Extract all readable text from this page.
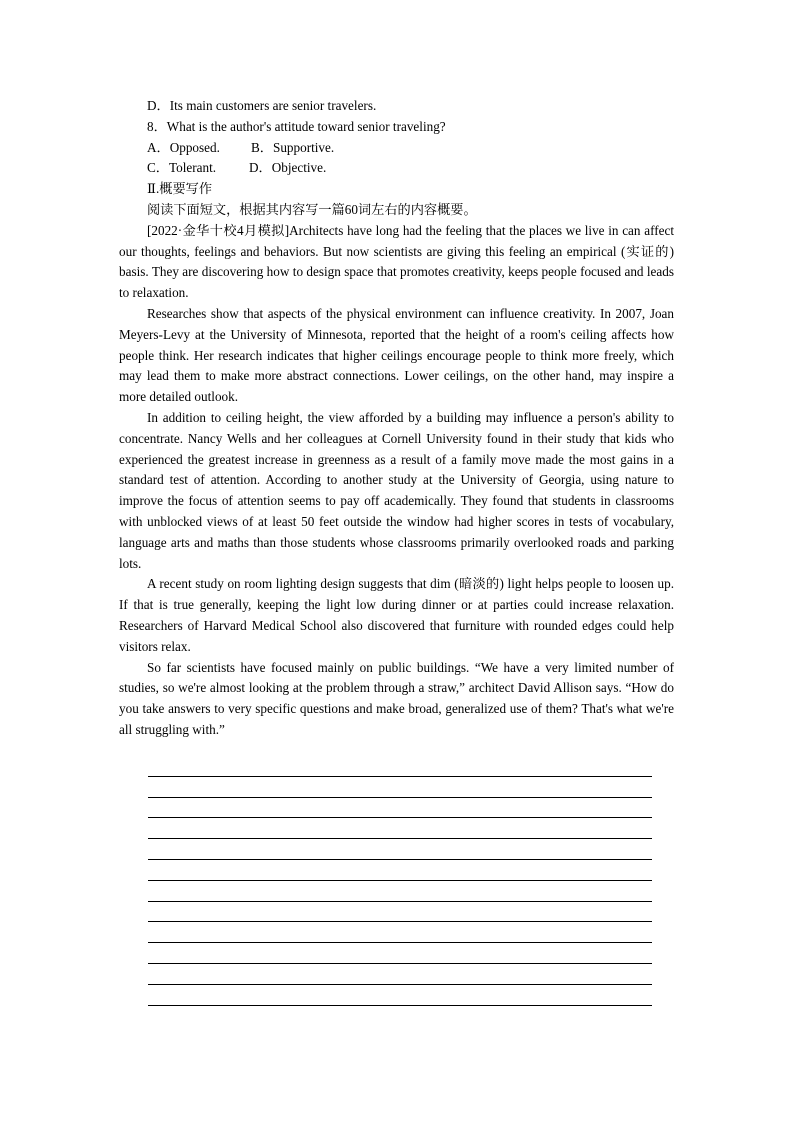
D．Its main customers are senior travelers.

8．What is the author's attitude toward senior traveling?

A．Opposed. B．Supportive.

C．Tolerant. D．Objective.

Ⅱ.概要写作

阅读下面短文，根据其内容写一篇60词左右的内容概要。

[2022·金华十校4月模拟]Architects have long had the feeling that the places we live in can affect our thoughts, feelings and behaviors. But now scientists are giving this feeling an empirical (实证的) basis. They are discovering how to design space that promotes creativity, keeps people focused and leads to relaxation.

Researches show that aspects of the physical environment can influence creativity. In 2007, Joan Meyers-Levy at the University of Minnesota, reported that the height of a room's ceiling affects how people think. Her research indicates that higher ceilings encourage people to think more freely, which may lead them to make more abstract connections. Lower ceilings, on the other hand, may inspire a more detailed outlook.

In addition to ceiling height, the view afforded by a building may influence a person's ability to concentrate. Nancy Wells and her colleagues at Cornell University found in their study that kids who experienced the greatest increase in greenness as a result of a family move made the most gains in a standard test of attention. According to another study at the University of Georgia, using nature to improve the focus of attention seems to pay off academically. They found that students in classrooms with unblocked views of at least 50 feet outside the window had higher scores in tests of vocabulary, language arts and maths than those students whose classrooms primarily overlooked roads and parking lots.

A recent study on room lighting design suggests that dim (暗淡的) light helps people to loosen up. If that is true generally, keeping the light low during dinner or at parties could increase relaxation. Researchers of Harvard Medical School also discovered that furniture with rounded edges could help visitors relax.

So far scientists have focused mainly on public buildings. “We have a very limited number of studies, so we're almost looking at the problem through a straw,” architect David Allison says. “How do you take answers to very specific questions and make broad, generalized use of them? That's what we're all struggling with.”
